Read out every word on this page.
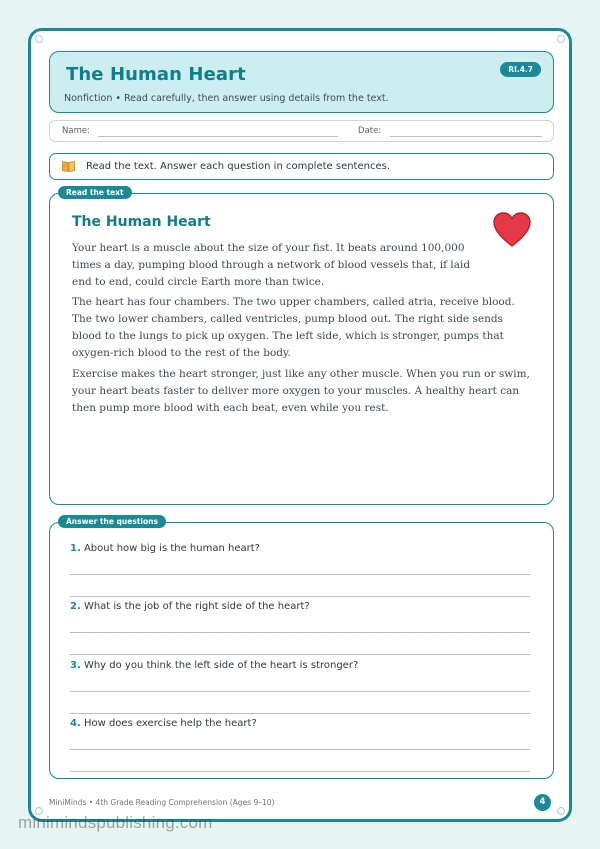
The Human Heart
Nonfiction • Read carefully, then answer using details from the text.
RI.4.7
Name:	Date:
Read the text. Answer each question in complete sentences.
Read the text
The Human Heart

Your heart is a muscle about the size of your fist. It beats around 100,000 times a day, pumping blood through a network of blood vessels that, if laid end to end, could circle Earth more than twice.

The heart has four chambers. The two upper chambers, called atria, receive blood. The two lower chambers, called ventricles, pump blood out. The right side sends blood to the lungs to pick up oxygen. The left side, which is stronger, pumps that oxygen-rich blood to the rest of the body.

Exercise makes the heart stronger, just like any other muscle. When you run or swim, your heart beats faster to deliver more oxygen to your muscles. A healthy heart can then pump more blood with each beat, even while you rest.

Answer the questions
1. About how big is the human heart?
2. What is the job of the right side of the heart?
3. Why do you think the left side of the heart is stronger?
4. How does exercise help the heart?
MiniMinds • 4th Grade Reading Comprehension (Ages 9–10)	4
minimindspublishing.com
